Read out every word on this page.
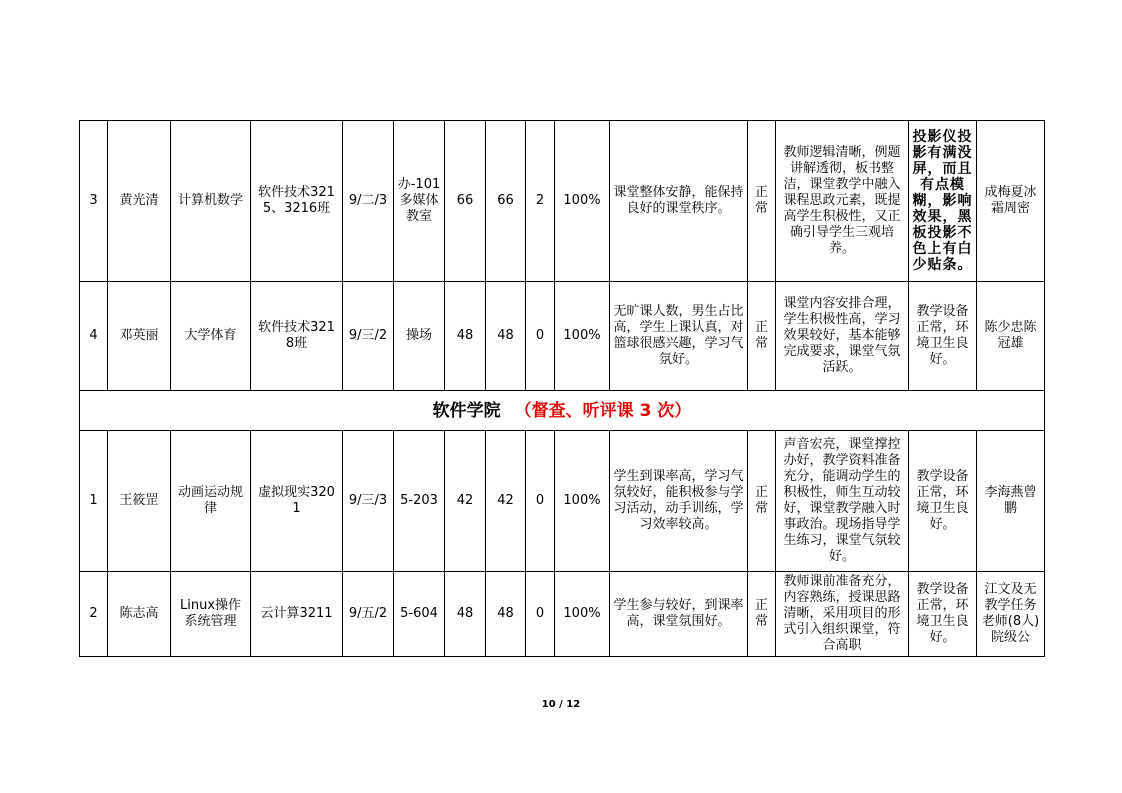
3	黄光清	计算机数学	软件技术3215、3216班	9/二/3	办-101多媒体教室	66	66	2	100%	课堂整体安静，能保持良好的课堂秩序。	正常	教师逻辑清晰，例题讲解透彻，板书整洁，课堂教学中融入课程思政元素，既提高学生积极性，又正确引导学生三观培养。	投影仪投影有满没屏，而且有点模糊，影响效果，黑板投影不色上有白少贴条。	成梅夏冰霜周密
4	邓英丽	大学体育	软件技术3218班	9/三/2	操场	48	48	0	100%	无旷课人数，男生占比高，学生上课认真，对篮球很感兴趣，学习气氛好。	正常	课堂内容安排合理，学生积极性高，学习效果较好，基本能够完成要求，课堂气氛活跃。	教学设备正常，环境卫生良好。	陈少忠陈冠雄
软件学院 （督查、听评课 3 次）														
1	王筱罡	动画运动规律	虚拟现实3201	9/三/3	5-203	42	42	0	100%	学生到课率高，学习气氛较好，能积极参与学习活动，动手训练，学习效率较高。	正常	声音宏亮，课堂撑控办好，教学资料准备充分，能调动学生的积极性，师生互动较好，课堂教学融入时事政治。现场指导学生练习，课堂气氛较好。	教学设备正常，环境卫生良好。	李海燕曾鹏
2	陈志高	Linux操作系统管理	云计算3211	9/五/2	5-604	48	48	0	100%	学生参与较好，到课率高，课堂氛围好。	正常	教师课前准备充分，内容熟练，授课思路清晰，采用项目的形式引入组织课堂，符合高职	教学设备正常，环境卫生良好。	江文及无教学任务老师(8人)院级公
10 / 12
